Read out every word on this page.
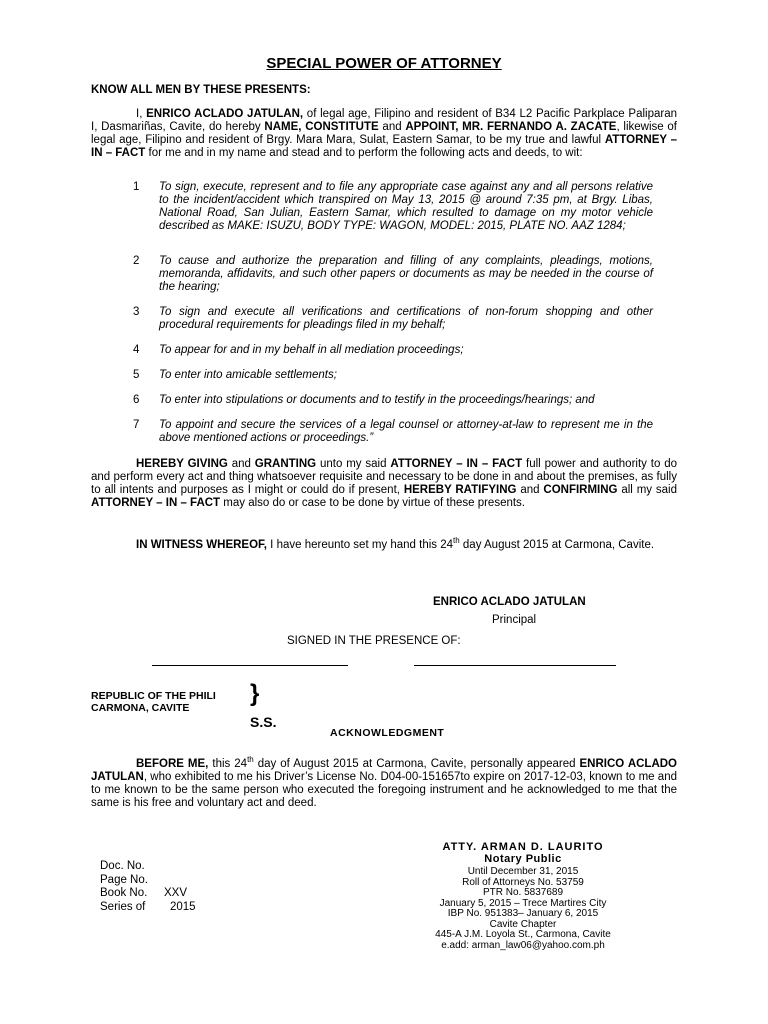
SPECIAL POWER OF ATTORNEY
KNOW ALL MEN BY THESE PRESENTS:
I, ENRICO ACLADO JATULAN, of legal age, Filipino and resident of B34 L2 Pacific Parkplace Paliparan I, Dasmariñas, Cavite, do hereby NAME, CONSTITUTE and APPOINT, MR. FERNANDO A. ZACATE, likewise of legal age, Filipino and resident of Brgy. Mara Mara, Sulat, Eastern Samar, to be my true and lawful ATTORNEY – IN – FACT for me and in my name and stead and to perform the following acts and deeds, to wit:
1 To sign, execute, represent and to file any appropriate case against any and all persons relative to the incident/accident which transpired on May 13, 2015 @ around 7:35 pm, at Brgy. Libas, National Road, San Julian, Eastern Samar, which resulted to damage on my motor vehicle described as MAKE: ISUZU, BODY TYPE: WAGON, MODEL: 2015, PLATE NO. AAZ 1284;
2 To cause and authorize the preparation and filling of any complaints, pleadings, motions, memoranda, affidavits, and such other papers or documents as may be needed in the course of the hearing;
3 To sign and execute all verifications and certifications of non-forum shopping and other procedural requirements for pleadings filed in my behalf;
4 To appear for and in my behalf in all mediation proceedings;
5 To enter into amicable settlements;
6 To enter into stipulations or documents and to testify in the proceedings/hearings; and
7 To appoint and secure the services of a legal counsel or attorney-at-law to represent me in the above mentioned actions or proceedings.”
HEREBY GIVING and GRANTING unto my said ATTORNEY – IN – FACT full power and authority to do and perform every act and thing whatsoever requisite and necessary to be done in and about the premises, as fully to all intents and purposes as I might or could do if present, HEREBY RATIFYING and CONFIRMING all my said ATTORNEY – IN – FACT may also do or case to be done by virtue of these presents.
IN WITNESS WHEREOF, I have hereunto set my hand this 24th day August 2015 at Carmona, Cavite.
ENRICO ACLADO JATULAN
Principal
SIGNED IN THE PRESENCE OF:
REPUBLIC OF THE PHILI
CARMONA, CAVITE
}
S.S.
ACKNOWLEDGMENT
BEFORE ME, this 24th day of August 2015 at Carmona, Cavite, personally appeared ENRICO ACLADO JATULAN, who exhibited to me his Driver’s License No. D04-00-151657to expire on 2017-12-03, known to me and to me known to be the same person who executed the foregoing instrument and he acknowledged to me that the same is his free and voluntary act and deed.
ATTY. ARMAN D. LAURITO
Notary Public
Until December 31, 2015
Roll of Attorneys No. 53759
PTR No. 5837689
January 5, 2015 – Trece Martires City
IBP No. 951383– January 6, 2015
Cavite Chapter
445-A J.M. Loyola St., Carmona, Cavite
e.add: arman_law06@yahoo.com.ph
Doc. No.
Page No.
Book No. XXV
Series of 2015
